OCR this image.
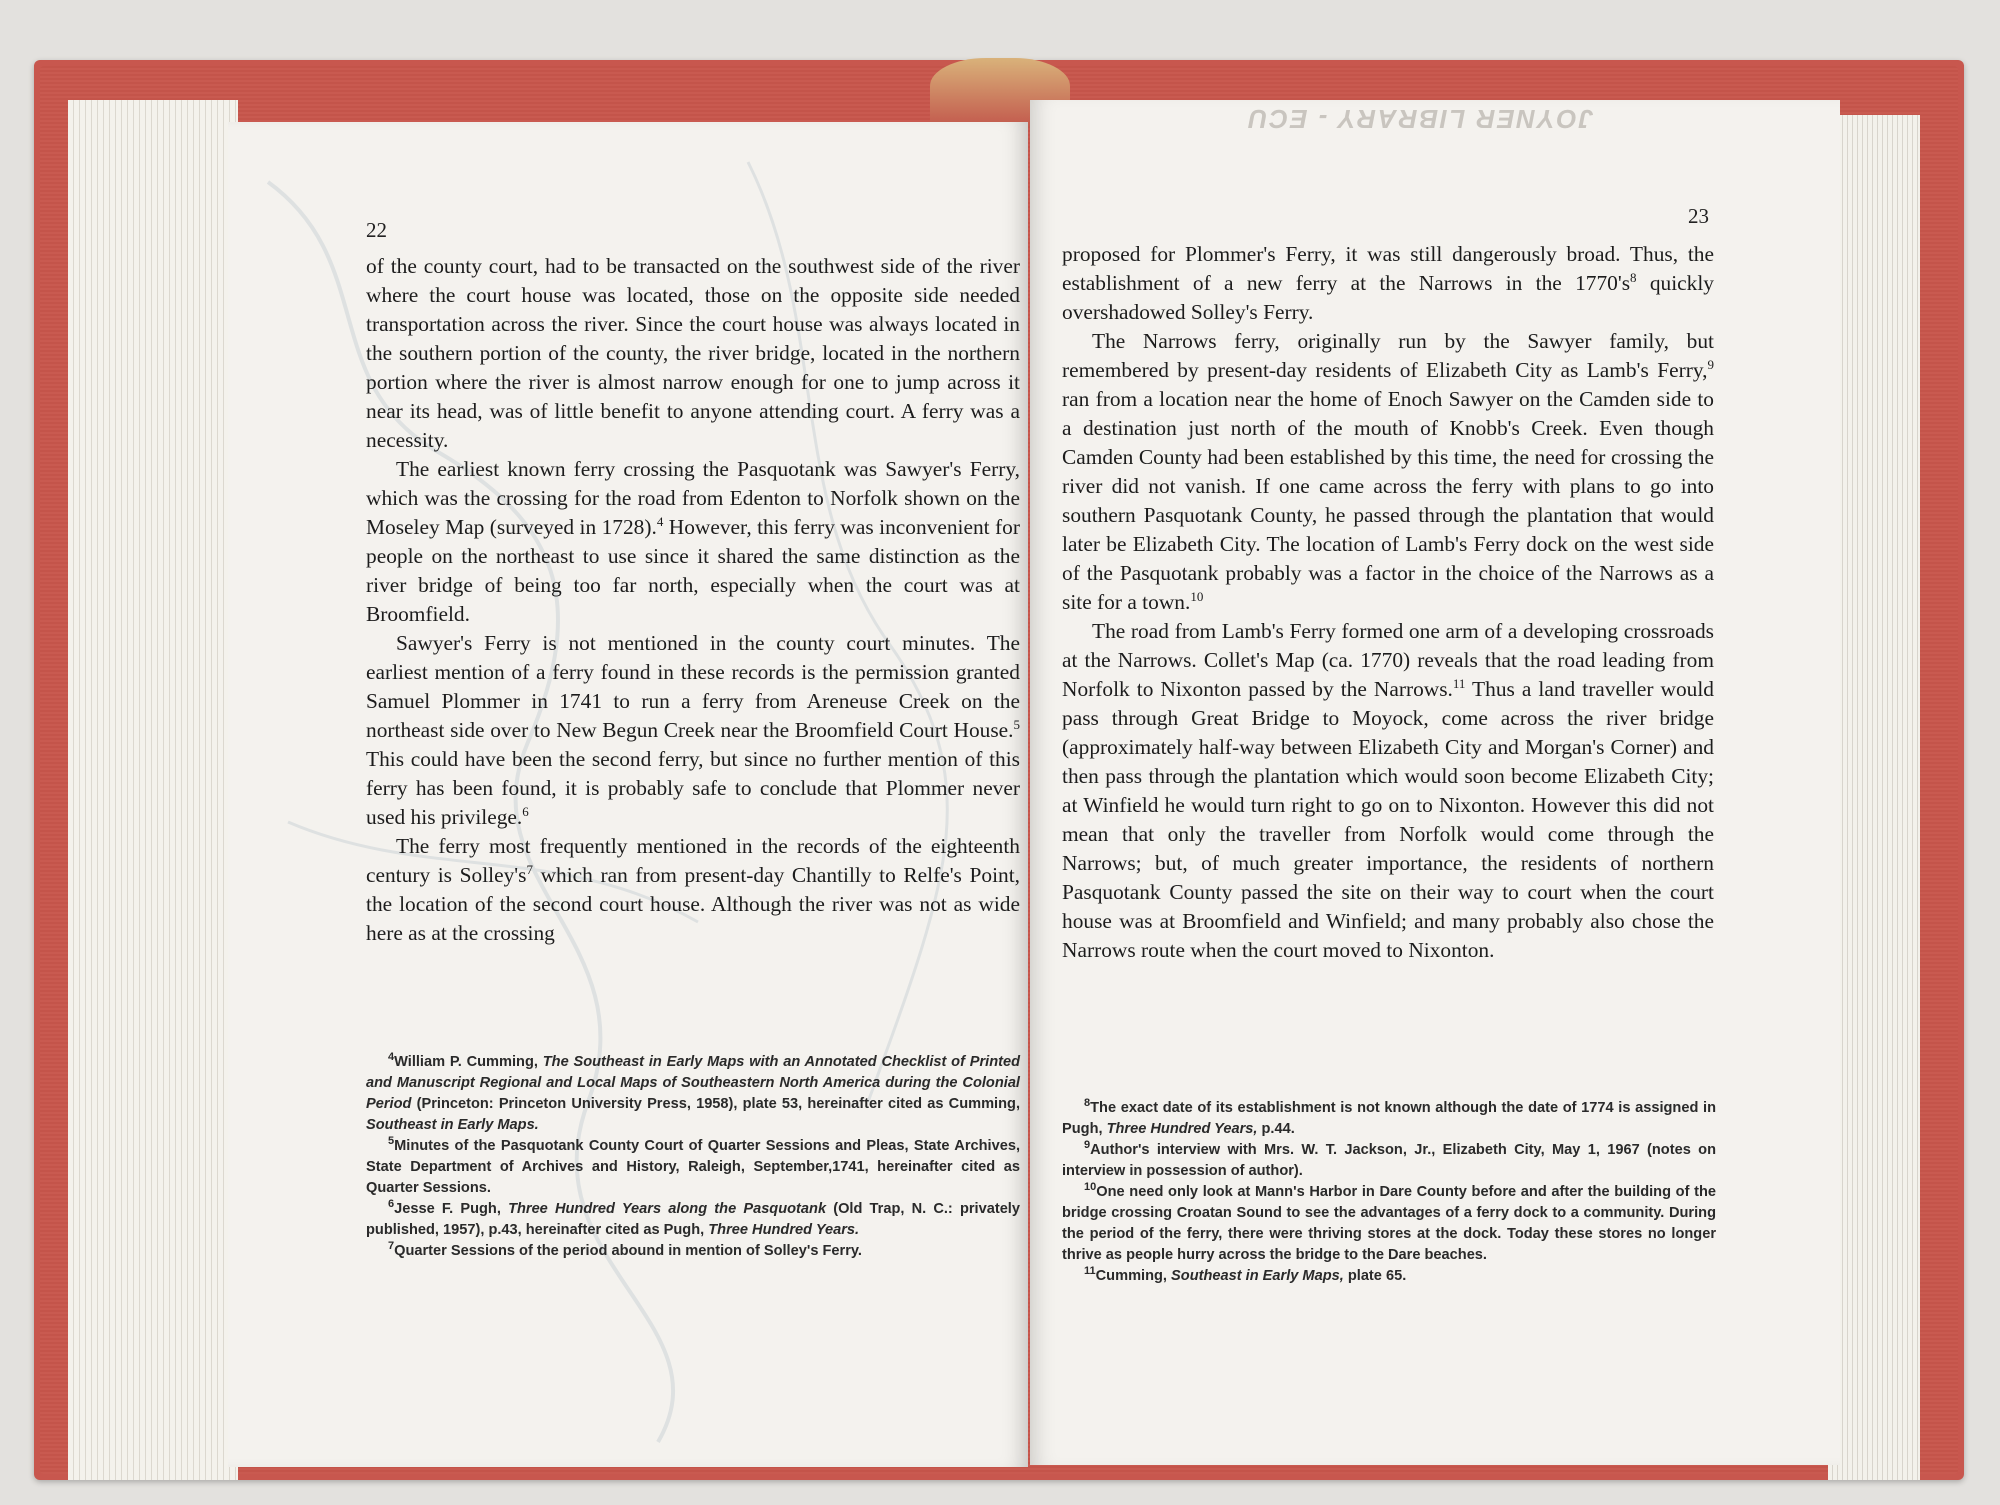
JOYNER LIBRARY - ECU
22
23

of the county court, had to be transacted on the southwest side of the river where the court house was located, those on the opposite side needed transportation across the river. Since the court house was always located in the southern portion of the county, the river bridge, located in the northern portion where the river is almost narrow enough for one to jump across it near its head, was of little benefit to anyone attending court. A ferry was a necessity.

The earliest known ferry crossing the Pasquotank was Sawyer's Ferry, which was the crossing for the road from Edenton to Norfolk shown on the Moseley Map (surveyed in 1728).$^4$ However, this ferry was inconvenient for people on the northeast to use since it shared the same distinction as the river bridge of being too far north, especially when the court was at Broomfield.

Sawyer's Ferry is not mentioned in the county court minutes. The earliest mention of a ferry found in these records is the permission granted Samuel Plommer in 1741 to run a ferry from Areneuse Creek on the northeast side over to New Begun Creek near the Broomfield Court House.$^5$ This could have been the second ferry, but since no further mention of this ferry has been found, it is probably safe to conclude that Plommer never used his privilege.$^6$

The ferry most frequently mentioned in the records of the eighteenth century is $Solley's^7$ which ran from present-day Chantilly to Relfe's Point, the location of the second court house. Although the river was not as wide here as at the crossing

$^4$William P. Cumming, The Southeast in Early Maps with an Annotated Checklist of Printed and Manuscript Regional and Local Maps of Southeastern North America during the Colonial Period (Princeton: Princeton University Press, 1958), plate 53, hereinafter cited as Cumming, Southeast in Early Maps.

$^5$Minutes of the Pasquotank County Court of Quarter Sessions and Pleas, State Archives, State Department of Archives and History, Raleigh, September,1741, hereinafter cited as Quarter Sessions.

$^6$Jesse F. Pugh, Three Hundred Years along the Pasquotank (Old Trap, N. C.: privately published, 1957), p.43, hereinafter cited as Pugh, Three Hundred Years.

$^7$Quarter Sessions of the period abound in mention of Solley's Ferry.

proposed for Plommer's Ferry, it was still dangerously broad. Thus, the establishment of a new ferry at the Narrows in the $1770's^8$ quickly overshadowed Solley's Ferry.

The Narrows ferry, originally run by the Sawyer family, but remembered by present-day residents of Elizabeth City as Lamb's Ferry,$^9$ ran from a location near the home of Enoch Sawyer on the Camden side to a destination just north of the mouth of Knobb's Creek. Even though Camden County had been established by this time, the need for crossing the river did not vanish. If one came across the ferry with plans to go into southern Pasquotank County, he passed through the plantation that would later be Elizabeth City. The location of Lamb's Ferry dock on the west side of the Pasquotank probably was a factor in the choice of the Narrows as a site for a town.$^{10}$

The road from Lamb's Ferry formed one arm of a developing crossroads at the Narrows. Collet's Map (ca. 1770) reveals that the road leading from Norfolk to Nixonton passed by the Narrows.$^{11}$ Thus a land traveller would pass through Great Bridge to Moyock, come across the river bridge (approximately half-way between Elizabeth City and Morgan's Corner) and then pass through the plantation which would soon become Elizabeth City; at Winfield he would turn right to go on to Nixonton. However this did not mean that only the traveller from Norfolk would come through the Narrows; but, of much greater importance, the residents of northern Pasquotank County passed the site on their way to court when the court house was at Broomfield and Winfield; and many probably also chose the Narrows route when the court moved to Nixonton.

$^8$The exact date of its establishment is not known although the date of 1774 is assigned in Pugh, Three Hundred Years, p.44.

$^9$Author's interview with Mrs. W. T. Jackson, Jr., Elizabeth City, May 1, 1967 (notes on interview in possession of author).

$^{10}$One need only look at Mann's Harbor in Dare County before and after the building of the bridge crossing Croatan Sound to see the advantages of a ferry dock to a community. During the period of the ferry, there were thriving stores at the dock. Today these stores no longer thrive as people hurry across the bridge to the Dare beaches.

$^{11}$Cumming, Southeast in Early Maps, plate 65.
